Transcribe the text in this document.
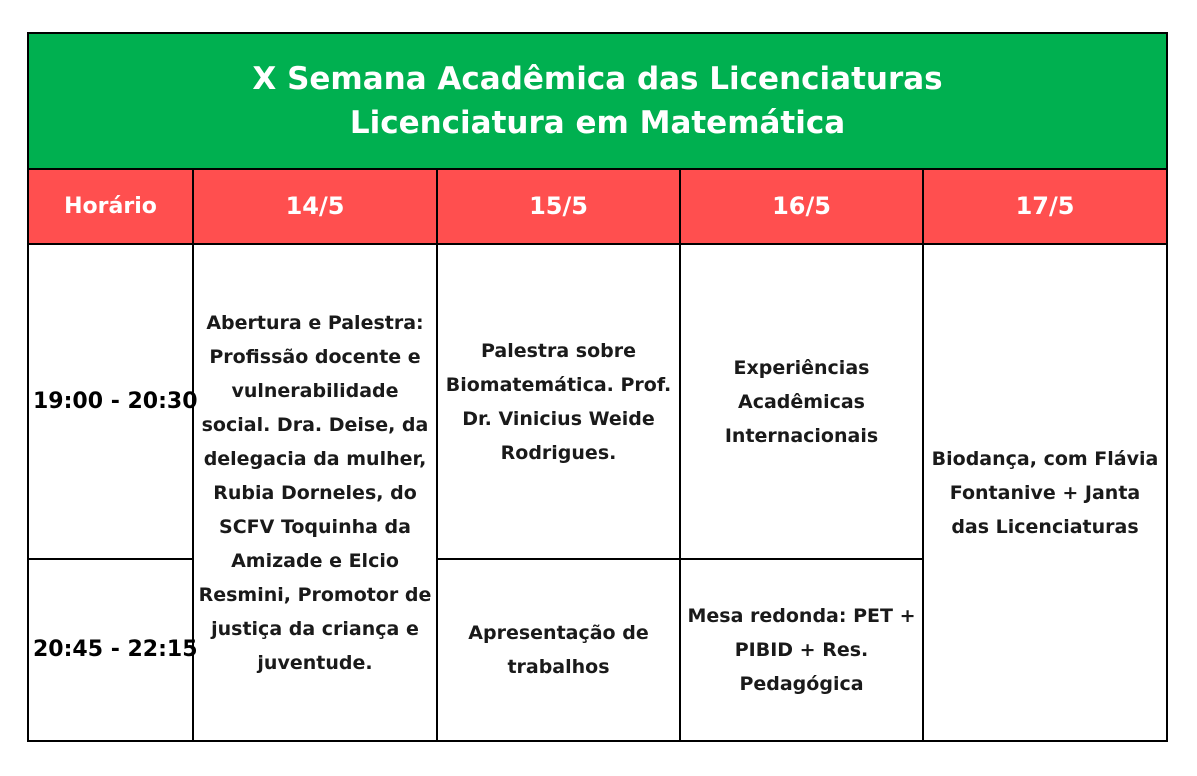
X Semana Acadêmica das Licenciaturas
Licenciatura em Matemática				

Horário	14/5	15/5	16/5	17/5
19:00 - 20:30	Abertura e Palestra: Profissão docente e vulnerabilidade social. Dra. Deise, da delegacia da mulher, Rubia Dorneles, do SCFV Toquinha da Amizade e Elcio Resmini, Promotor de justiça da criança e juventude.	Palestra sobre Biomatemática. Prof. Dr. Vinicius Weide Rodrigues.	Experiências Acadêmicas Internacionais	Biodança, com Flávia Fontanive + Janta das Licenciaturas
20:45 - 22:15		Apresentação de trabalhos	Mesa redonda: PET + PIBID + Res. Pedagógica	
